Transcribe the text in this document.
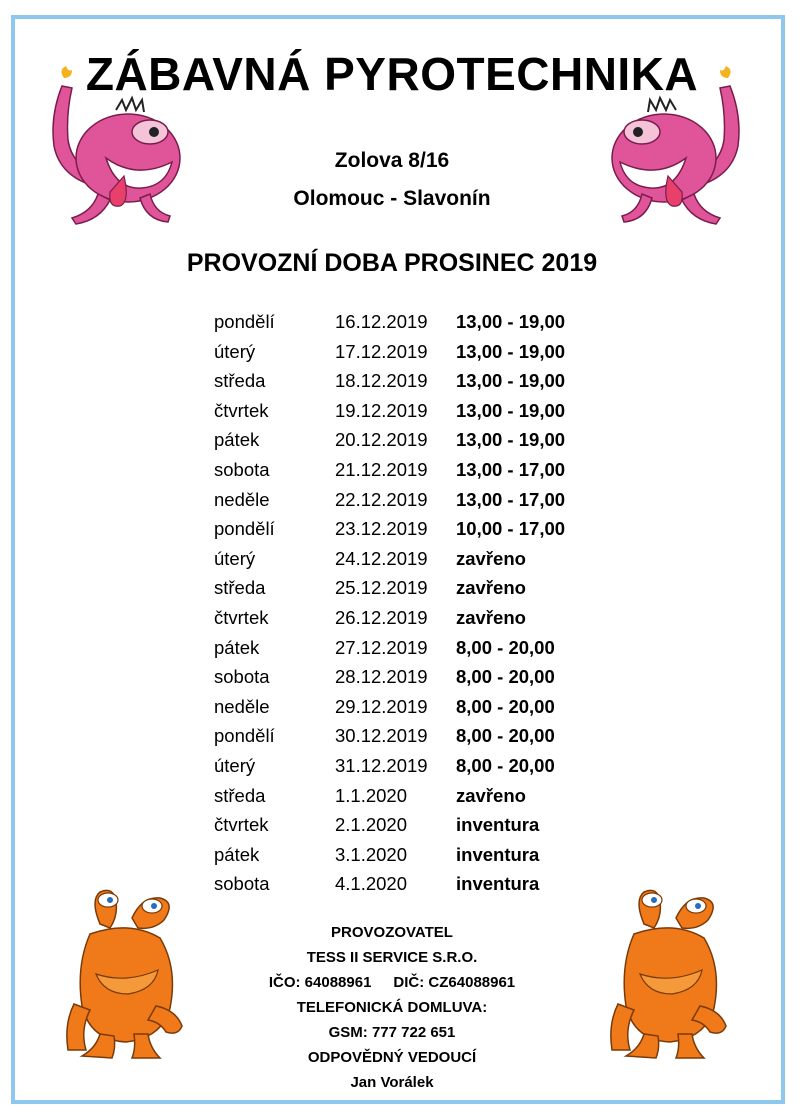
ZÁBAVNÁ PYROTECHNIKA
Zolova 8/16
Olomouc - Slavonín
PROVOZNÍ DOBA PROSINEC 2019
pondělí	16.12.2019 13,00 - 19,00
úterý	17.12.2019 13,00 - 19,00
středa	18.12.2019 13,00 - 19,00
čtvrtek	19.12.2019 13,00 - 19,00
pátek	20.12.2019 13,00 - 19,00
sobota	21.12.2019 13,00 - 17,00
neděle	22.12.2019 13,00 - 17,00
pondělí	23.12.2019 10,00 - 17,00
úterý	24.12.2019 zavřeno
středa	25.12.2019 zavřeno
čtvrtek	26.12.2019 zavřeno
pátek	27.12.2019 8,00 - 20,00
sobota	28.12.2019 8,00 - 20,00
neděle	29.12.2019 8,00 - 20,00
pondělí	30.12.2019 8,00 - 20,00
úterý	31.12.2019 8,00 - 20,00
středa	1.1.2020	zavřeno
čtvrtek	2.1.2020	inventura
pátek	3.1.2020	inventura
sobota	4.1.2020	inventura
PROVOZOVATEL
TESS II SERVICE S.R.O.
IČO: 64088961 DIČ: CZ64088961
TELEFONICKÁ DOMLUVA:
GSM: 777 722 651
ODPOVĚDNÝ VEDOUCÍ
Jan Vorálek
